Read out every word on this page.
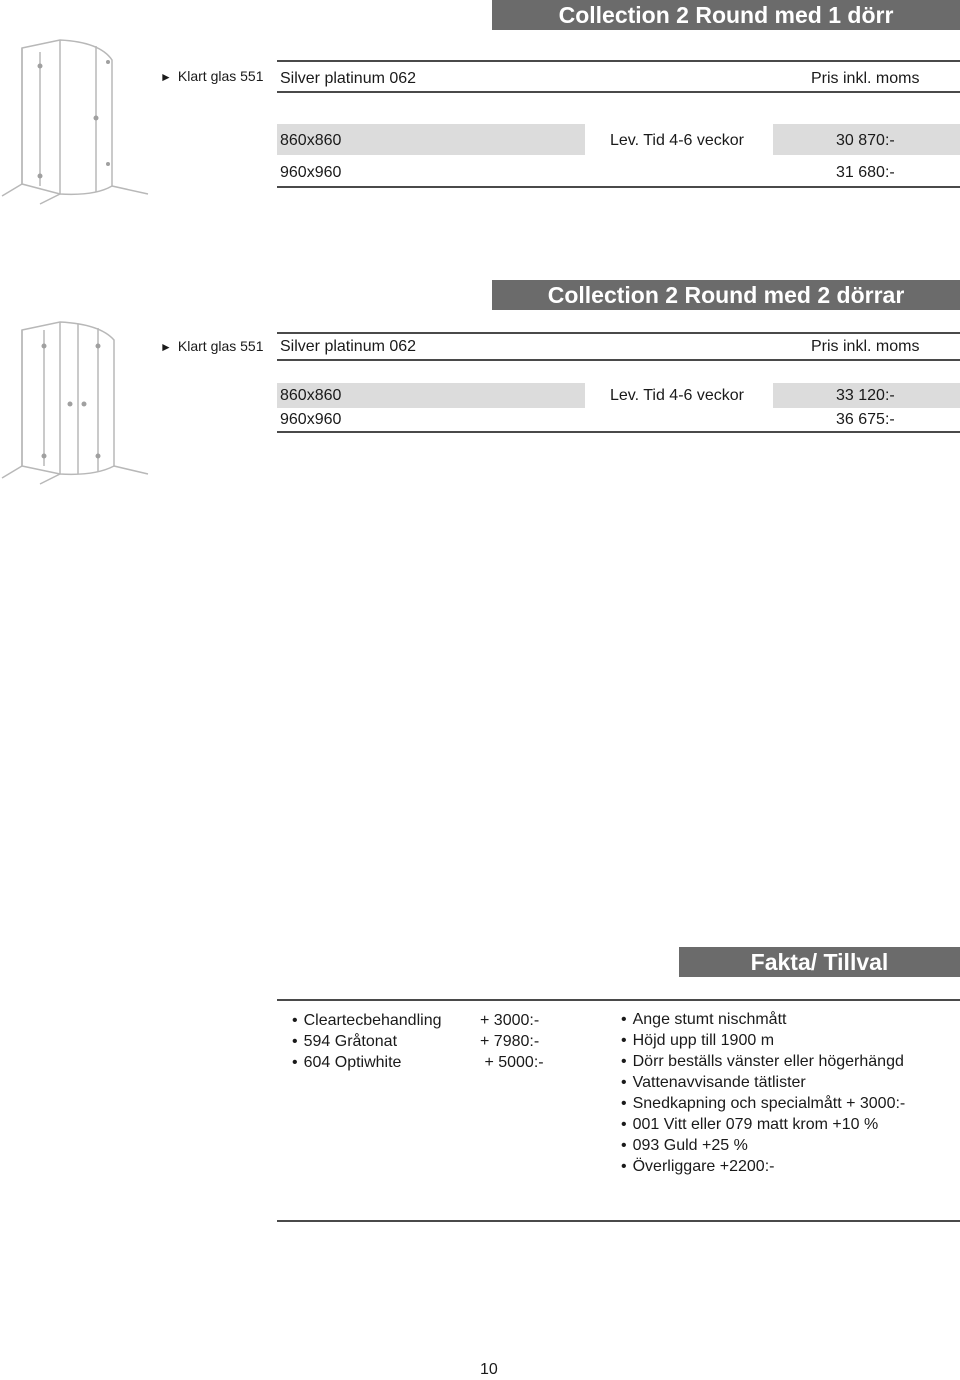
Collection 2 Round med 1 dörr
► Klart glas 551 Silver platinum 062	Pris inkl. moms
860x860	Lev. Tid 4-6 veckor	30 870:-
960x960	31 680:-
Collection 2 Round med 2 dörrar
► Klart glas 551 Silver platinum 062	Pris inkl. moms
860x860	Lev. Tid 4-6 veckor	33 120:-
960x960	36 675:-
Fakta/ Tillval
• Cleartecbehandling + 3000:-
• 594 Gråtonat	+ 7980:-
• 604 Optiwhite	+ 5000:-
• Ange stumt nischmått
• Höjd upp till 1900 m
• Dörr beställs vänster eller högerhängd
• Vattenavvisande tätlister
• Snedkapning och specialmått + 3000:-
• 001 Vitt eller 079 matt krom +10 %
• 093 Guld +25 %
• Överliggare +2200:-
10
